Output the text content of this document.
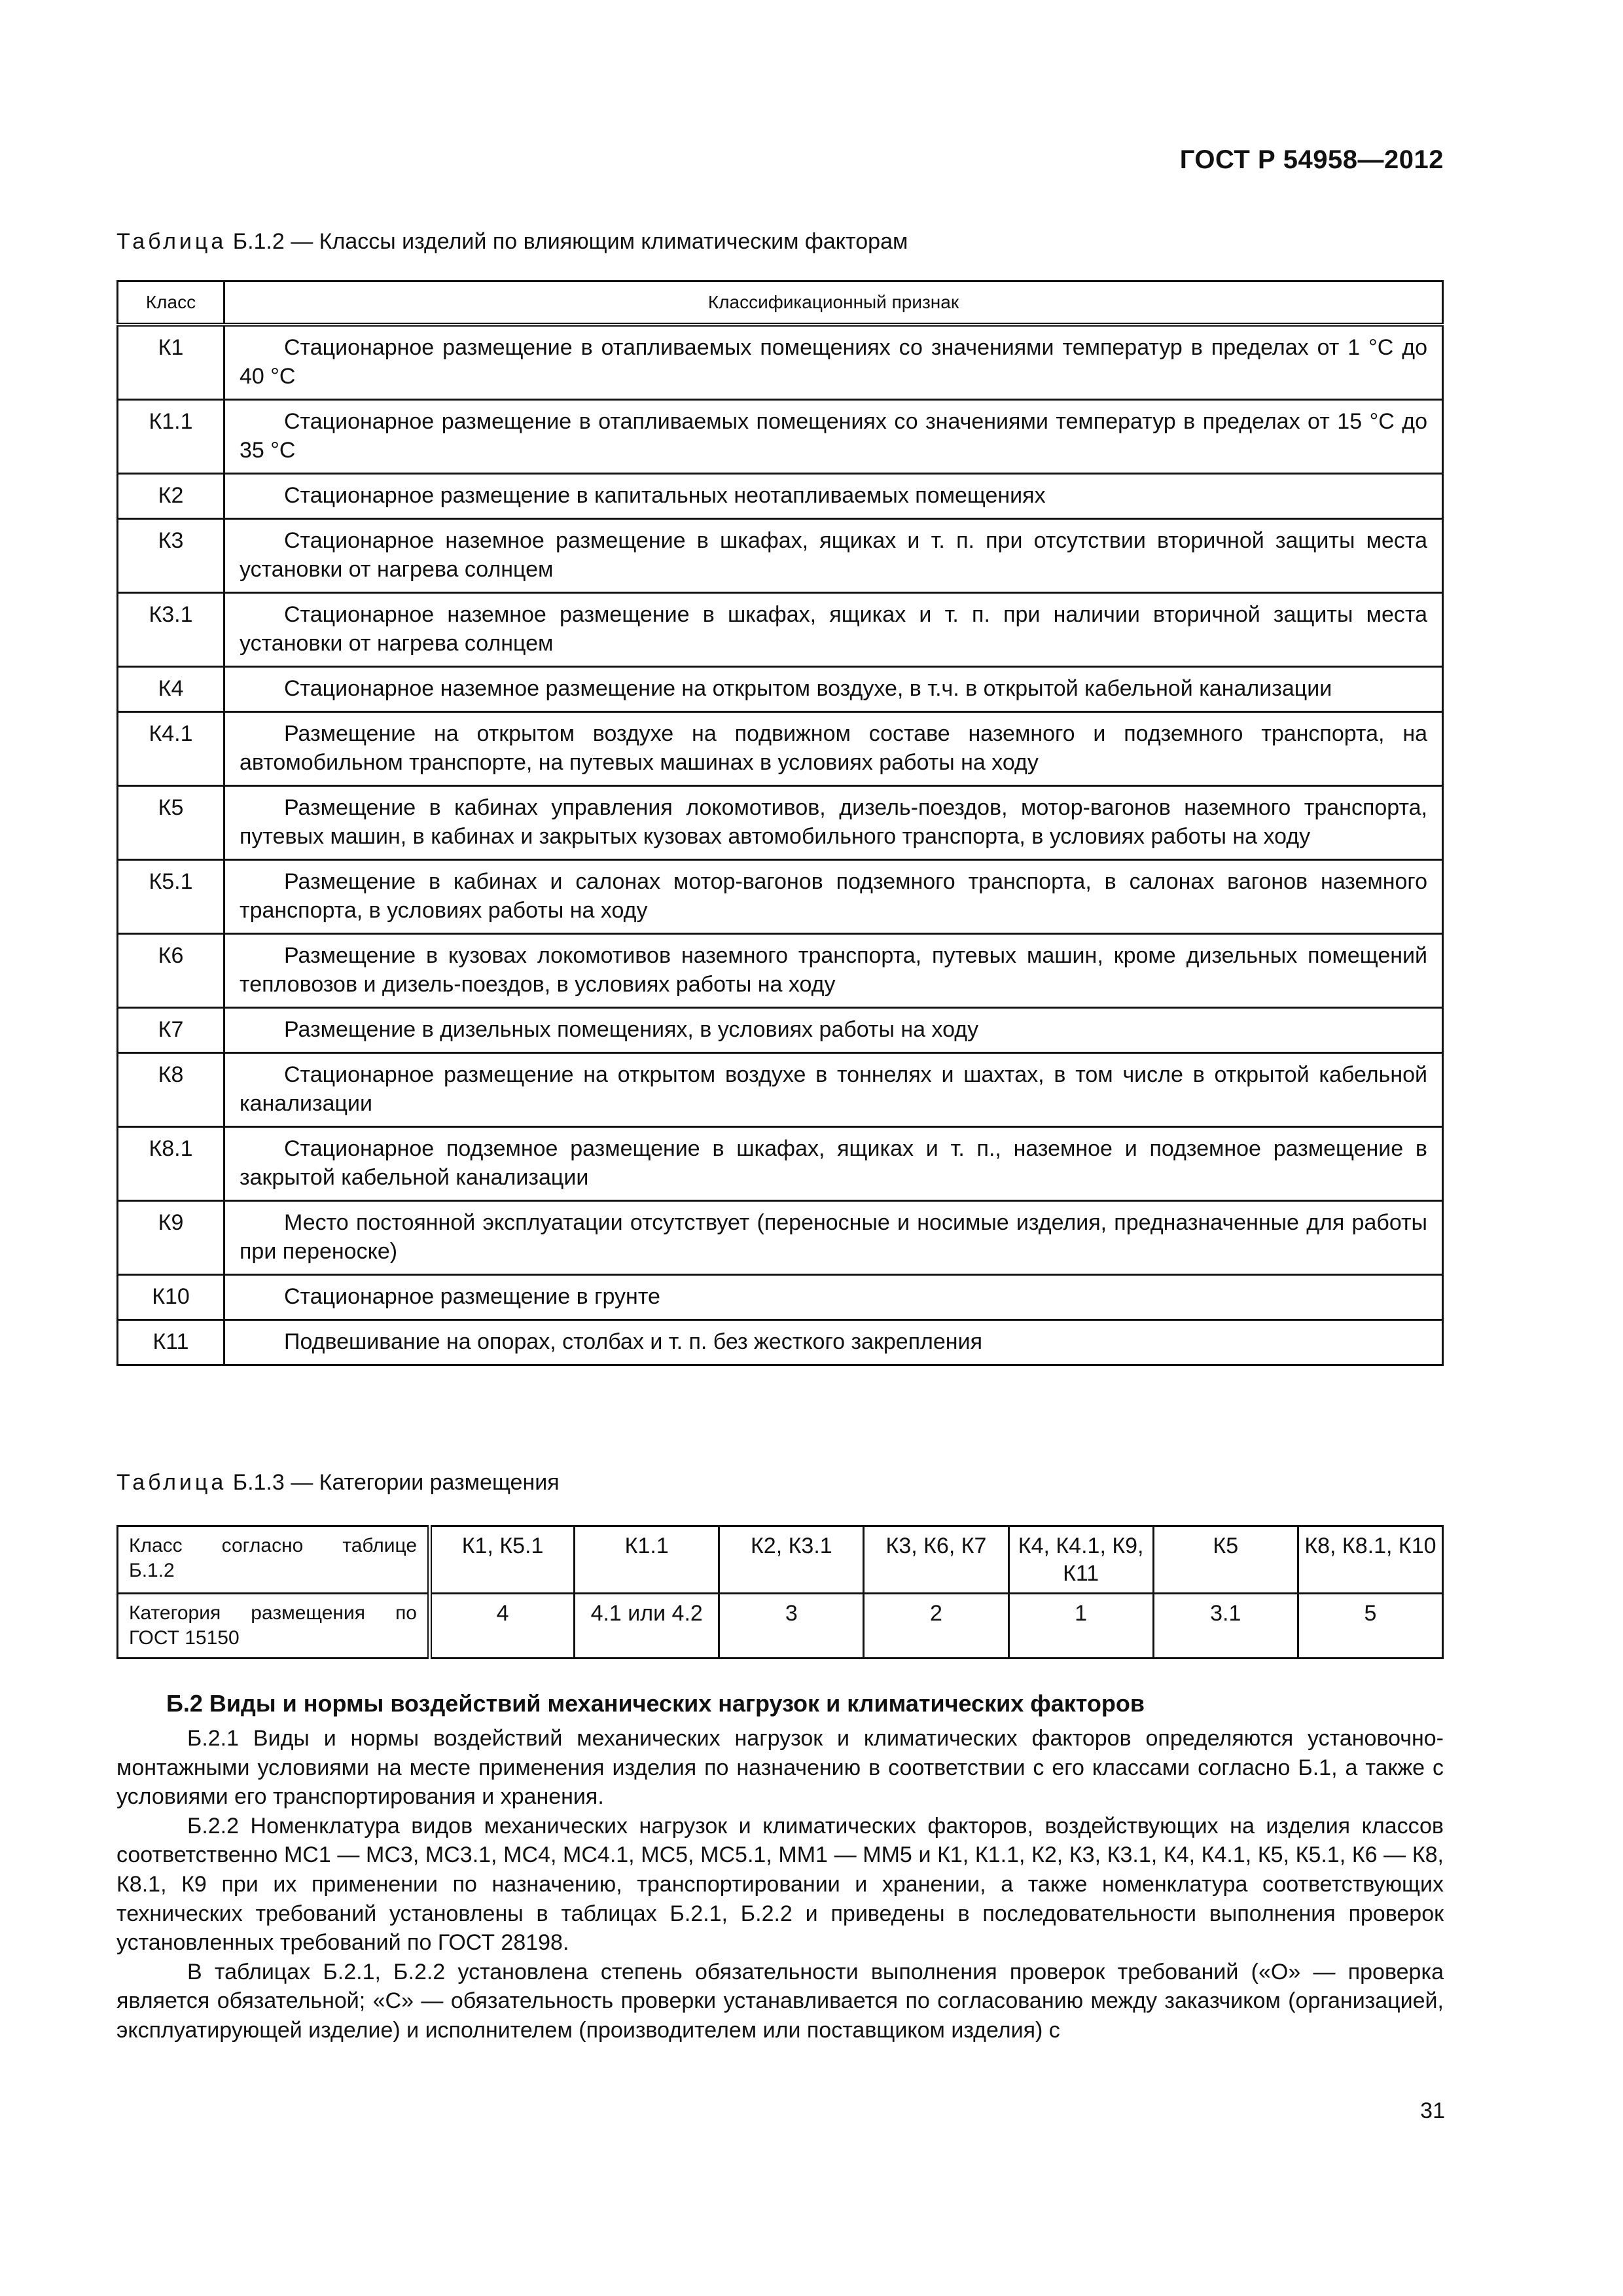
ГОСТ Р 54958—2012
Таблица Б.1.2 — Классы изделий по влияющим климатическим факторам
Класс	Классификационный признак
К1	Стационарное размещение в отапливаемых помещениях со значениями температур в пределах от 1 °С до 40 °С
К1.1	Стационарное размещение в отапливаемых помещениях со значениями температур в пределах от 15 °С до 35 °С
К2	Стационарное размещение в капитальных неотапливаемых помещениях
К3	Стационарное наземное размещение в шкафах, ящиках и т. п. при отсутствии вторичной защиты места установки от нагрева солнцем
К3.1	Стационарное наземное размещение в шкафах, ящиках и т. п. при наличии вторичной защиты места установки от нагрева солнцем
К4	Стационарное наземное размещение на открытом воздухе, в т.ч. в открытой кабельной канализации
К4.1	Размещение на открытом воздухе на подвижном составе наземного и подземного транспорта, на автомобильном транспорте, на путевых машинах в условиях работы на ходу
К5	Размещение в кабинах управления локомотивов, дизель-поездов, мотор-вагонов наземного транспорта, путевых машин, в кабинах и закрытых кузовах автомобильного транспорта, в условиях работы на ходу
К5.1	Размещение в кабинах и салонах мотор-вагонов подземного транспорта, в салонах вагонов наземного транспорта, в условиях работы на ходу
К6	Размещение в кузовах локомотивов наземного транспорта, путевых машин, кроме дизельных помещений тепловозов и дизель-поездов, в условиях работы на ходу
К7	Размещение в дизельных помещениях, в условиях работы на ходу
К8	Стационарное размещение на открытом воздухе в тоннелях и шахтах, в том числе в открытой кабельной канализации
К8.1	Стационарное подземное размещение в шкафах, ящиках и т. п., наземное и подземное размещение в закрытой кабельной канализации
К9	Место постоянной эксплуатации отсутствует (переносные и носимые изделия, предназначенные для работы при переноске)
К10	Стационарное размещение в грунте
К11	Подвешивание на опорах, столбах и т. п. без жесткого закрепления
Таблица Б.1.3 — Категории размещения
Класс согласно таблице
Б.1.2	К1, К5.1	К1.1	К2, К3.1	К3, К6, К7	К4, К4.1, К9, К11	К5	К8, К8.1, К10

Категория размещения по
ГОСТ 15150	4	4.1 или 4.2	3	2	1	3.1	5
Б.2 Виды и нормы воздействий механических нагрузок и климатических факторов

Б.2.1 Виды и нормы воздействий механических нагрузок и климатических факторов определяются установочно-монтажными условиями на месте применения изделия по назначению в соответствии с его классами согласно Б.1, а также с условиями его транспортирования и хранения.

Б.2.2 Номенклатура видов механических нагрузок и климатических факторов, воздействующих на изделия классов соответственно МС1 — МС3, МС3.1, МС4, МС4.1, МС5, МС5.1, ММ1 — ММ5 и К1, К1.1, К2, К3, К3.1, К4, К4.1, К5, К5.1, К6 — К8, К8.1, К9 при их применении по назначению, транспортировании и хранении, а также номенклатура соответствующих технических требований установлены в таблицах Б.2.1, Б.2.2 и приведены в последовательности выполнения проверок установленных требований по ГОСТ 28198.

В таблицах Б.2.1, Б.2.2 установлена степень обязательности выполнения проверок требований («О» — проверка является обязательной; «С» — обязательность проверки устанавливается по согласованию между заказчиком (организацией, эксплуатирующей изделие) и исполнителем (производителем или поставщиком изделия) с

31
